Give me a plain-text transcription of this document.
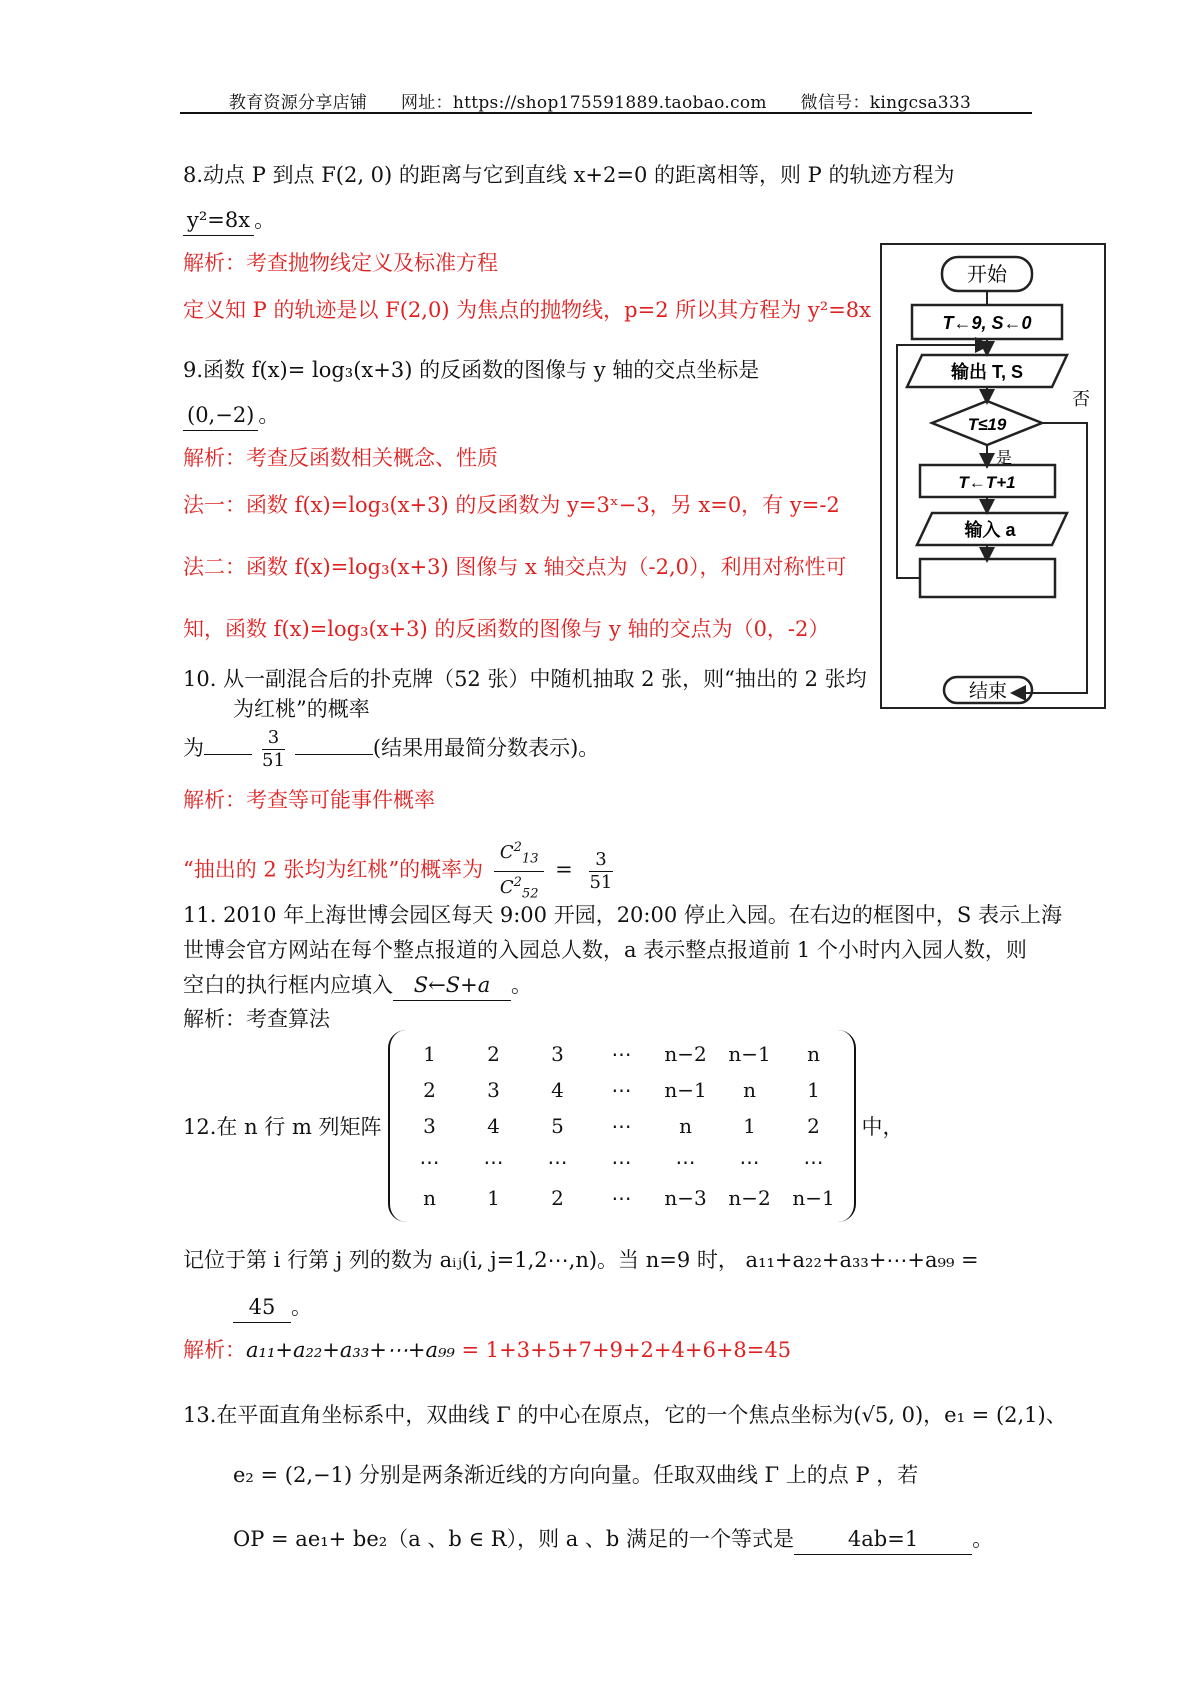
教育资源分享店铺 网址：https://shop175591889.taobao.com 微信号：kingcsa333
8.动点 P 到点 F(2, 0) 的距离与它到直线 x+2=0 的距离相等，则 P 的轨迹方程为
y²=8x 。
解析：考查抛物线定义及标准方程
定义知 P 的轨迹是以 F(2,0) 为焦点的抛物线，p=2 所以其方程为 y²=8x
9.函数 f(x)= log₃(x+3) 的反函数的图像与 y 轴的交点坐标是
(0,−2) 。
解析：考查反函数相关概念、性质
法一：函数 f(x)=log₃(x+3) 的反函数为 y=3ˣ−3，另 x=0，有 y=-2
法二：函数 f(x)=log₃(x+3) 图像与 x 轴交点为（-2,0），利用对称性可
知，函数 f(x)=log₃(x+3) 的反函数的图像与 y 轴的交点为（0，-2）
10. 从一副混合后的扑克牌（52 张）中随机抽取 2 张，则“抽出的 2 张均
为红桃”的概率
为	$\frac{3}{51}$	(结果用最简分数表示)。
解析：考查等可能事件概率
“抽出的 2 张均为红桃”的概率为 $\frac{C^2_{13}}{C^2_{52}} = \frac{3}{51}$
11. 2010 年上海世博会园区每天 9:00 开园，20:00 停止入园。在右边的框图中，S 表示上海
世博会官方网站在每个整点报道的入园总人数，a 表示整点报道前 1 个小时内入园人数，则
空白的执行框内应填入 S←S+a 。
解析：考查算法
12.在 n 行 m 列矩阵
1	2	3	⋯	n−2	n−1	n
2	3	4	⋯	n−1	n	1
3	4	5	⋯	n	1	2
⋯	⋯	⋯	⋯	⋯	⋯	⋯
n	1	2	⋯	n−3	n−2	n−1
中，
记位于第 i 行第 j 列的数为 aᵢⱼ(i, j=1,2⋯,n)。当 n=9 时， a₁₁+a₂₂+a₃₃+⋯+a₉₉ =
45 。
解析：a₁₁+a₂₂+a₃₃+⋯+a₉₉ = 1+3+5+7+9+2+4+6+8=45
13.在平面直角坐标系中，双曲线 Γ 的中心在原点，它的一个焦点坐标为(√5, 0)，e₁ = (2,1)、
e₂ = (2,−1) 分别是两条渐近线的方向向量。任取双曲线 Γ 上的点 P ，若
OP = ae₁+ be₂（a 、b ∈ R），则 a 、b 满足的一个等式是	4ab=1	。
开始
T←9, S←0
输出 T, S
T≤19
否
是
T←T+1
输入 a
结束
